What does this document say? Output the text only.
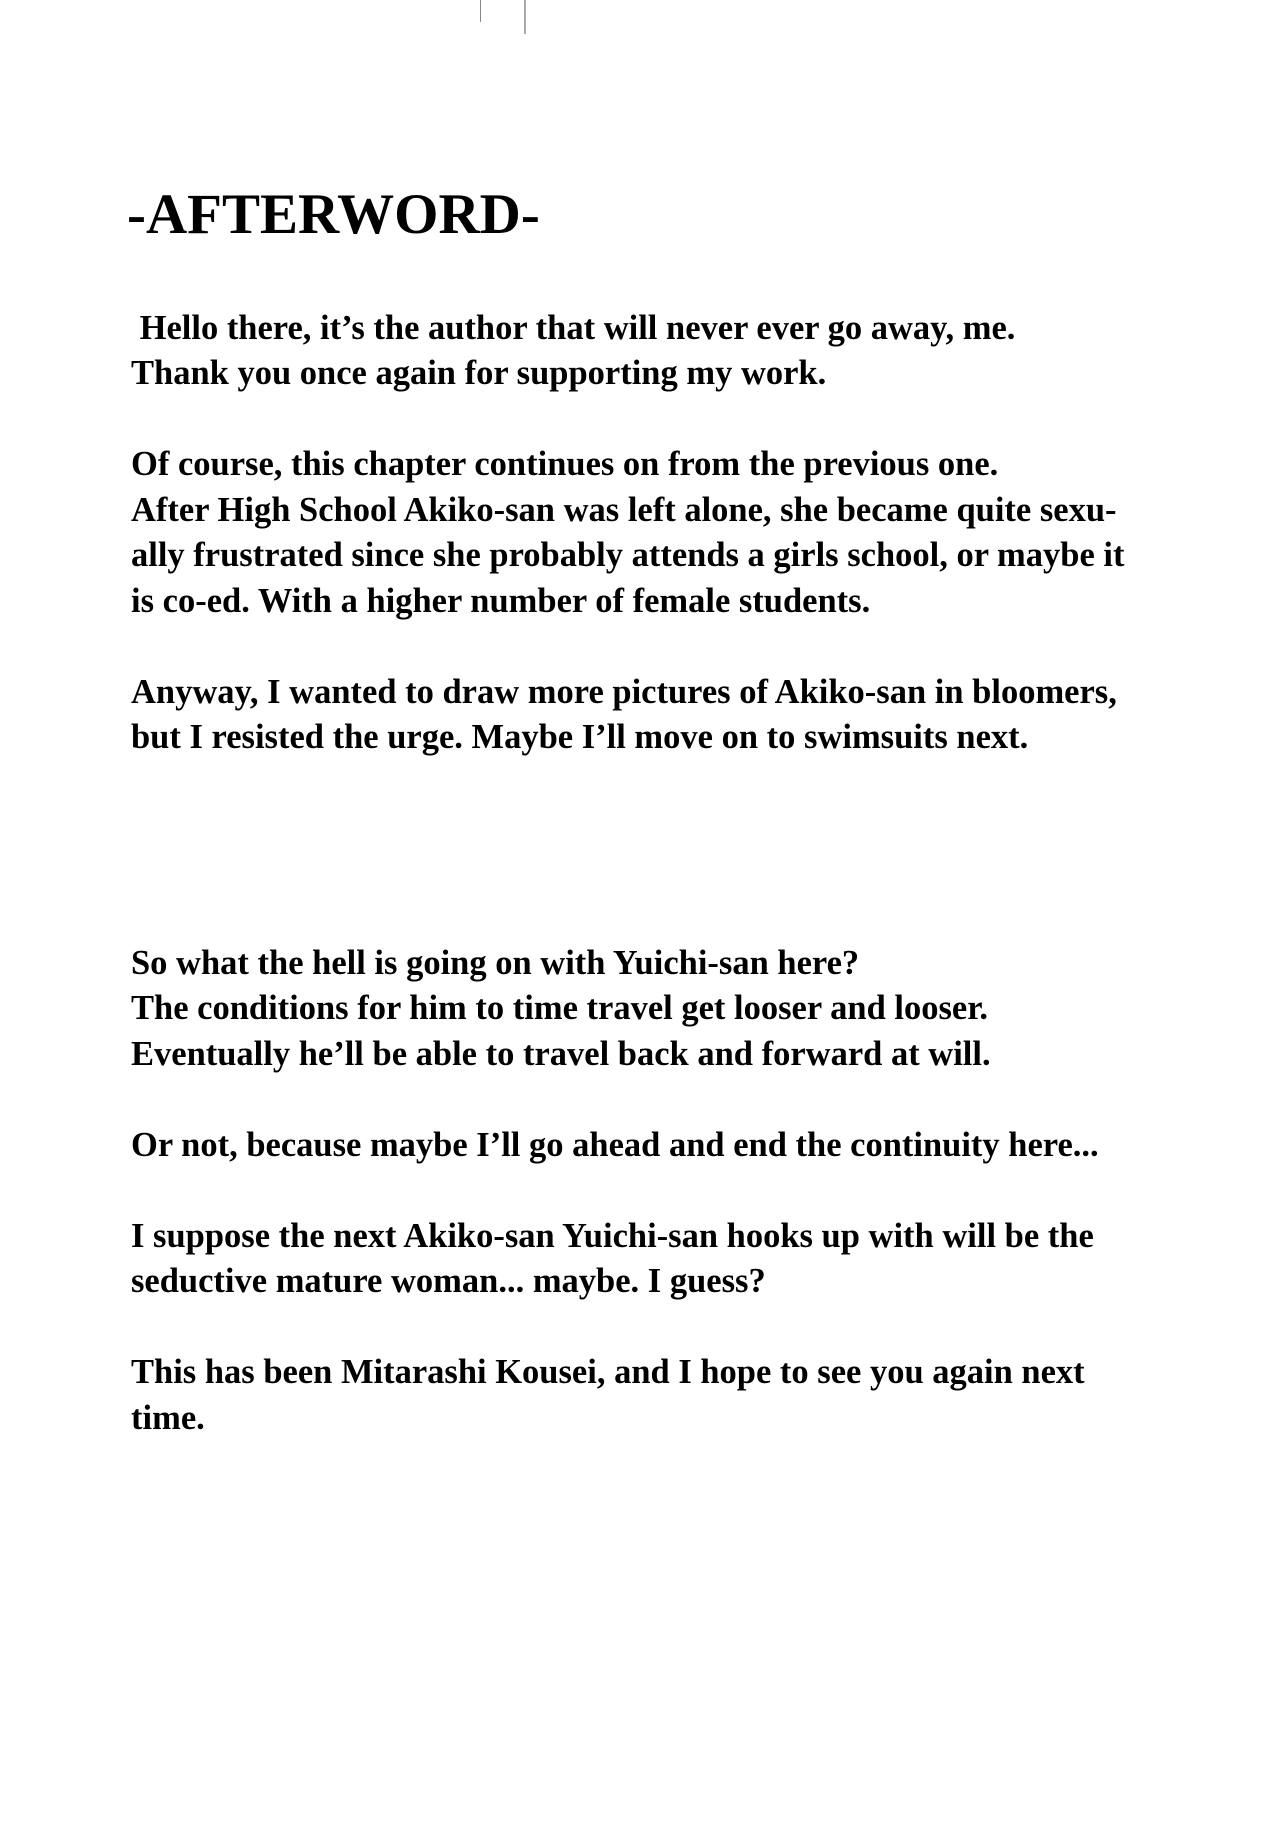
-AFTERWORD-
Hello there, it’s the author that will never ever go away, me.
Thank you once again for supporting my work.
Of course, this chapter continues on from the previous one.
After High School Akiko-san was left alone, she became quite sexu-
ally frustrated since she probably attends a girls school, or maybe it
is co-ed. With a higher number of female students.
Anyway, I wanted to draw more pictures of Akiko-san in bloomers,
but I resisted the urge. Maybe I’ll move on to swimsuits next.
So what the hell is going on with Yuichi-san here?
The conditions for him to time travel get looser and looser.
Eventually he’ll be able to travel back and forward at will.
Or not, because maybe I’ll go ahead and end the continuity here...
I suppose the next Akiko-san Yuichi-san hooks up with will be the
seductive mature woman... maybe. I guess?
This has been Mitarashi Kousei, and I hope to see you again next
time.
